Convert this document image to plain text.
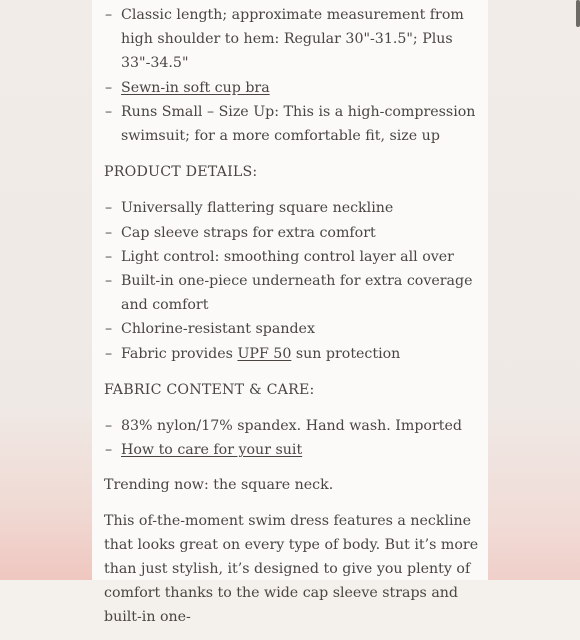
– Classic length; approximate measurement from high shoulder to hem: Regular 30"-31.5"; Plus 33"-34.5"
– Sewn-in soft cup bra
– Runs Small – Size Up: This is a high-compression swimsuit; for a more comfortable fit, size up
PRODUCT DETAILS:
– Universally flattering square neckline
– Cap sleeve straps for extra comfort
– Light control: smoothing control layer all over
– Built-in one-piece underneath for extra coverage and comfort
– Chlorine-resistant spandex
– Fabric provides UPF 50 sun protection
FABRIC CONTENT & CARE:
– 83% nylon/17% spandex. Hand wash. Imported
– How to care for your suit
Trending now: the square neck.
This of-the-moment swim dress features a neckline that looks great on every type of body. But it’s more than just stylish, it’s designed to give you plenty of comfort thanks to the wide cap sleeve straps and built-in one-
